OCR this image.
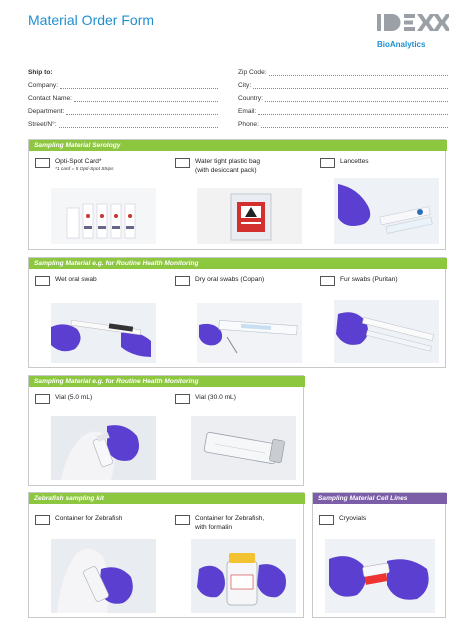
Material Order Form
BioAnalytics
Ship to:
Company:
Contact Name:
Department:
Street/N°:
Zip Code:
City:
Country:
Email:
Phone:
Sampling Material Serology
Opti-Spot Card*
*1 card = 5 Opti-Spot Strips
Water tight plastic bag
(with desiccant pack)
Lancettes
Sampling Material e.g. for Routine Health Monitoring
Wet oral swab	Dry oral swabs (Copan)	Fur swabs (Puritan)
Sampling Material e.g. for Routine Health Monitoring
Vial (5.0 mL)	Vial (30.0 mL)
Zebrafish sampling kit
Container for Zebrafish	Container for Zebrafish,
with formalin
Sampling Material Cell Lines
Cryovials
